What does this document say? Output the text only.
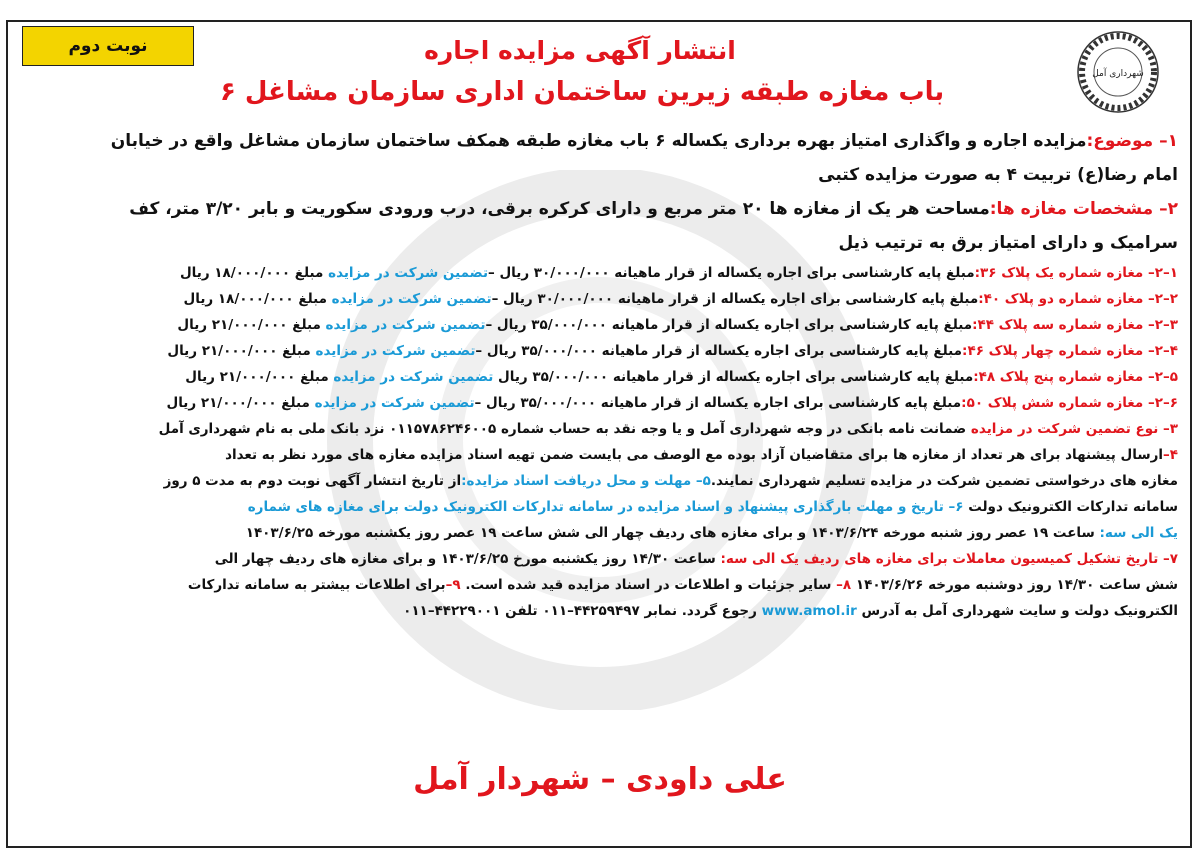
نوبت دوم
شهرداری آمل
انتشار آگهی مزایده اجاره
۶ باب مغازه طبقه زیرین ساختمان اداری سازمان مشاغل
۱– موضوع:مزایده اجاره و واگذاری امتیاز بهره برداری یکساله ۶ باب مغازه طبقه همکف ساختمان سازمان مشاغل واقع در خیابان
امام رضا(ع) تربیت ۴ به صورت مزایده کتبی
۲– مشخصات مغازه ها:مساحت هر یک از مغازه ها ۲۰ متر مربع و دارای کرکره برقی، درب ورودی سکوریت و بابر ۳/۲۰ متر، کف
سرامیک و دارای امتیاز برق به ترتیب ذیل
۱–۲– مغازه شماره یک پلاک ۳۶:مبلغ پایه کارشناسی برای اجاره یکساله از قرار ماهیانه ۳۰/۰۰۰/۰۰۰ ریال –تضمین شرکت در مزایده مبلغ ۱۸/۰۰۰/۰۰۰ ریال
۲–۲– مغازه شماره دو پلاک ۴۰:مبلغ پایه کارشناسی برای اجاره یکساله از قرار ماهیانه ۳۰/۰۰۰/۰۰۰ ریال –تضمین شرکت در مزایده مبلغ ۱۸/۰۰۰/۰۰۰ ریال
۳–۲– مغازه شماره سه پلاک ۴۴:مبلغ پایه کارشناسی برای اجاره یکساله از قرار ماهیانه ۳۵/۰۰۰/۰۰۰ ریال –تضمین شرکت در مزایده مبلغ ۲۱/۰۰۰/۰۰۰ ریال
۴–۲– مغازه شماره چهار پلاک ۴۶:مبلغ پایه کارشناسی برای اجاره یکساله از قرار ماهیانه ۳۵/۰۰۰/۰۰۰ ریال –تضمین شرکت در مزایده مبلغ ۲۱/۰۰۰/۰۰۰ ریال
۵–۲– مغازه شماره پنج پلاک ۴۸:مبلغ پایه کارشناسی برای اجاره یکساله از قرار ماهیانه ۳۵/۰۰۰/۰۰۰ ریال تضمین شرکت در مزایده مبلغ ۲۱/۰۰۰/۰۰۰ ریال
۶–۲– مغازه شماره شش پلاک ۵۰:مبلغ پایه کارشناسی برای اجاره یکساله از قرار ماهیانه ۳۵/۰۰۰/۰۰۰ ریال –تضمین شرکت در مزایده مبلغ ۲۱/۰۰۰/۰۰۰ ریال
۳– نوع تضمین شرکت در مزایده ضمانت نامه بانکی در وجه شهرداری آمل و یا وجه نقد به حساب شماره ۰۱۱۵۷۸۶۲۴۶۰۰۵ نزد بانک ملی به نام شهرداری آمل
۴–ارسال پیشنهاد برای هر تعداد از مغازه ها برای متقاضیان آزاد بوده مع الوصف می بایست ضمن تهیه اسناد مزایده مغازه های مورد نظر به تعداد
مغازه های درخواستی تضمین شرکت در مزایده تسلیم شهرداری نمایند.۵– مهلت و محل دریافت اسناد مزایده:از تاریخ انتشار آگهی نوبت دوم به مدت ۵ روز
سامانه تدارکات الکترونیک دولت ۶– تاریخ و مهلت بارگذاری پیشنهاد و اسناد مزایده در سامانه تدارکات الکترونیک دولت برای مغازه های شماره
یک الی سه: ساعت ۱۹ عصر روز شنبه مورخه ۱۴۰۳/۶/۲۴ و برای مغازه های ردیف چهار الی شش ساعت ۱۹ عصر روز یکشنبه مورخه ۱۴۰۳/۶/۲۵
۷– تاریخ تشکیل کمیسیون معاملات برای مغازه های ردیف یک الی سه: ساعت ۱۴/۳۰ روز یکشنبه مورخ ۱۴۰۳/۶/۲۵ و برای مغازه های ردیف چهار الی
شش ساعت ۱۴/۳۰ روز دوشنبه مورخه ۱۴۰۳/۶/۲۶ ۸– سایر جزئیات و اطلاعات در اسناد مزایده قید شده است. ۹–برای اطلاعات بیشتر به سامانه تدارکات
الکترونیک دولت و سایت شهرداری آمل به آدرس www.amol.ir رجوع گردد. نمابر ۴۴۲۵۹۴۹۷–۰۱۱ تلفن ۴۴۲۲۹۰۰۱–۰۱۱
علی داودی – شهردار آمل
